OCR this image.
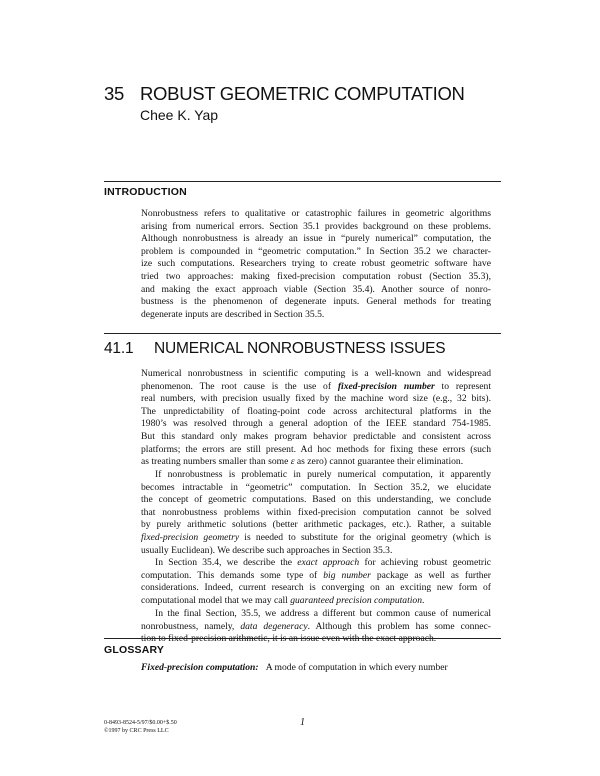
35 ROBUST GEOMETRIC COMPUTATION
Chee K. Yap
INTRODUCTION
Nonrobustness refers to qualitative or catastrophic failures in geometric algorithms
arising from numerical errors. Section 35.1 provides background on these problems.
Although nonrobustness is already an issue in “purely numerical” computation, the
problem is compounded in “geometric computation.” In Section 35.2 we character-
ize such computations. Researchers trying to create robust geometric software have
tried two approaches: making fixed-precision computation robust (Section 35.3),
and making the exact approach viable (Section 35.4). Another source of nonro-
bustness is the phenomenon of degenerate inputs. General methods for treating
degenerate inputs are described in Section 35.5.
41.1 NUMERICAL NONROBUSTNESS ISSUES
Numerical nonrobustness in scientific computing is a well-known and widespread
phenomenon. The root cause is the use of fixed-precision number to represent
real numbers, with precision usually fixed by the machine word size (e.g., 32 bits).
The unpredictability of floating-point code across architectural platforms in the
1980’s was resolved through a general adoption of the IEEE standard 754-1985.
But this standard only makes program behavior predictable and consistent across
platforms; the errors are still present. Ad hoc methods for fixing these errors (such
as treating numbers smaller than some ε as zero) cannot guarantee their elimination.
If nonrobustness is problematic in purely numerical computation, it apparently
becomes intractable in “geometric” computation. In Section 35.2, we elucidate
the concept of geometric computations. Based on this understanding, we conclude
that nonrobustness problems within fixed-precision computation cannot be solved
by purely arithmetic solutions (better arithmetic packages, etc.). Rather, a suitable
fixed-precision geometry is needed to substitute for the original geometry (which is
usually Euclidean). We describe such approaches in Section 35.3.
In Section 35.4, we describe the exact approach for achieving robust geometric
computation. This demands some type of big number package as well as further
considerations. Indeed, current research is converging on an exciting new form of
computational model that we may call guaranteed precision computation.
In the final Section, 35.5, we address a different but common cause of numerical
nonrobustness, namely, data degeneracy. Although this problem has some connec-
GLOSSARY
Fixed-precision computation: A mode of computation in which every number
0-8493-8524-5/97/$0.00+$.50
©1997 by CRC Press LLC
1
